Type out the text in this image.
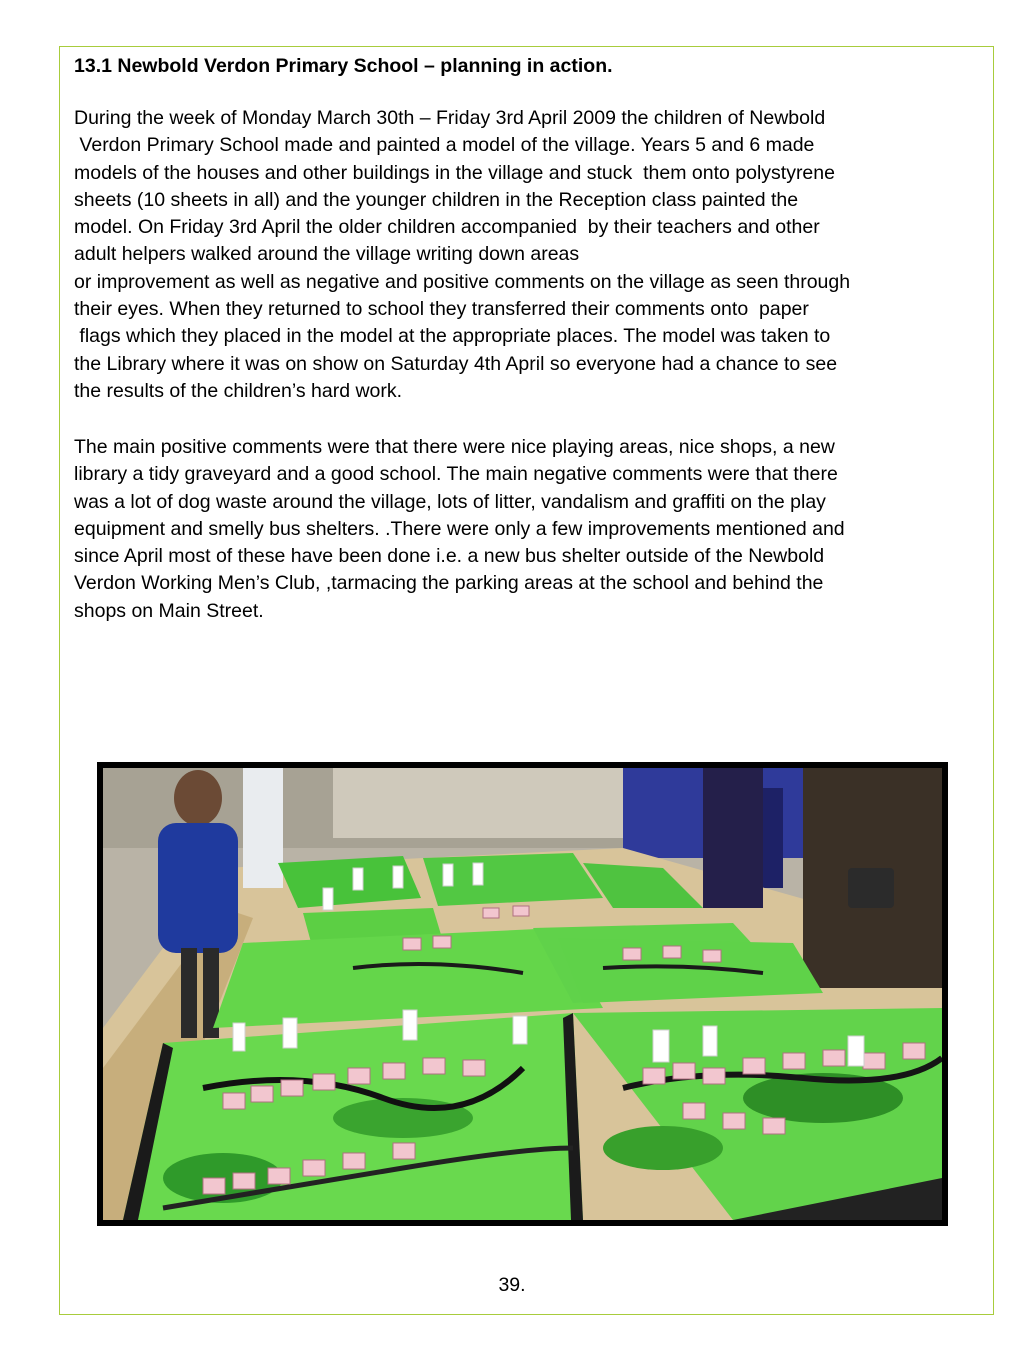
13.1 Newbold Verdon Primary School – planning in action.
During the week of Monday March 30th – Friday 3rd April 2009 the children of Newbold
Verdon Primary School made and painted a model of the village. Years 5 and 6 made
models of the houses and other buildings in the village and stuck  them onto polystyrene
sheets (10 sheets in all) and the younger children in the Reception class painted the
model. On Friday 3rd April the older children accompanied  by their teachers and other
adult helpers walked around the village writing down areas
or improvement as well as negative and positive comments on the village as seen through
their eyes. When they returned to school they transferred their comments onto  paper
flags which they placed in the model at the appropriate places. The model was taken to
the Library where it was on show on Saturday 4th April so everyone had a chance to see
the results of the children’s hard work.
The main positive comments were that there were nice playing areas, nice shops, a new
library a tidy graveyard and a good school. The main negative comments were that there
was a lot of dog waste around the village, lots of litter, vandalism and graffiti on the play
equipment and smelly bus shelters. .There were only a few improvements mentioned and
since April most of these have been done i.e. a new bus shelter outside of the Newbold
Verdon Working Men’s Club, ,tarmacing the parking areas at the school and behind the
shops on Main Street.
39.
